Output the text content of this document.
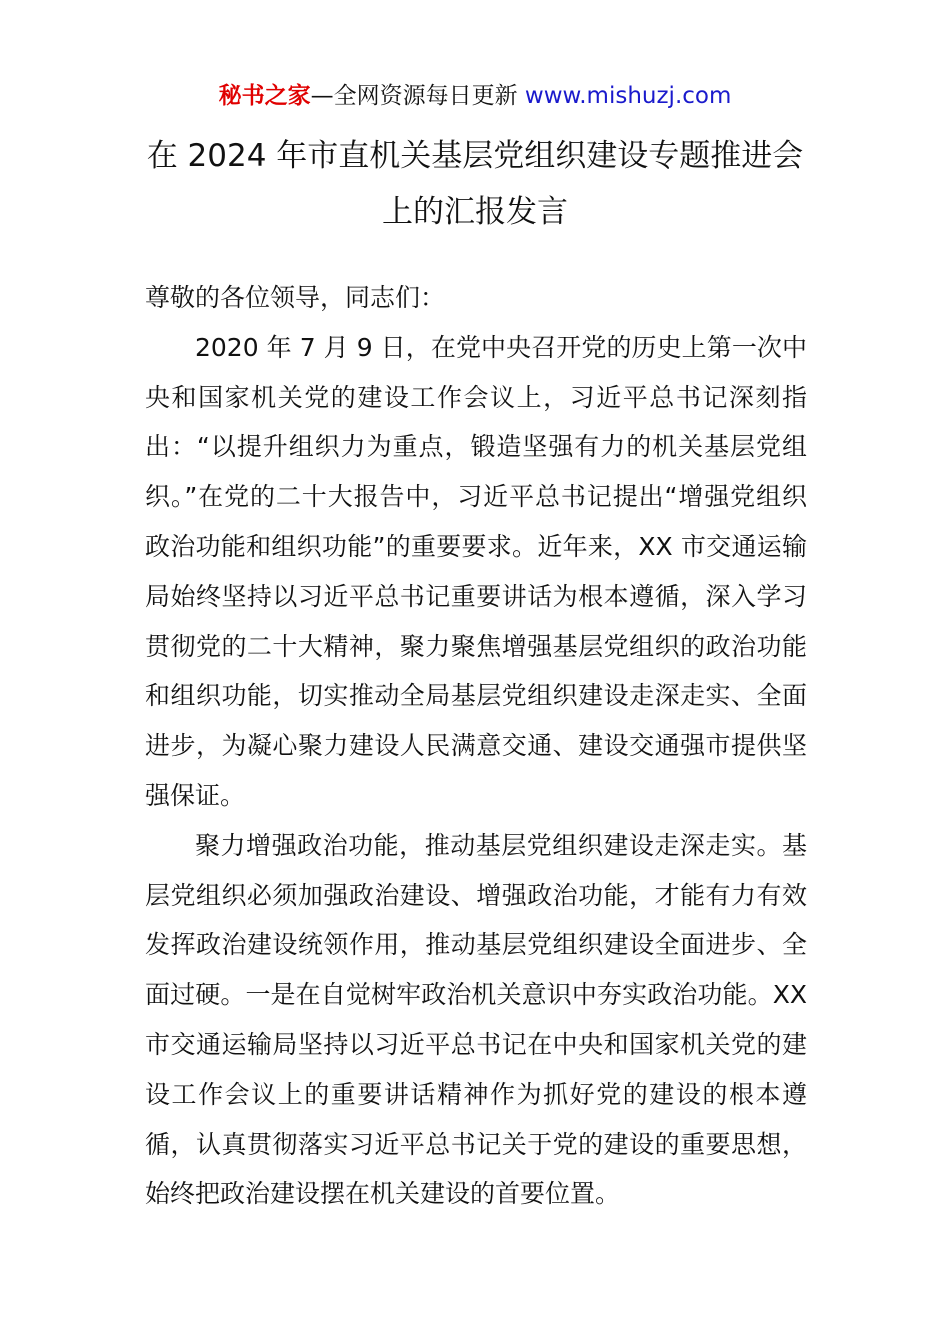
秘书之家—全网资源每日更新 www.mishuzj.com
在 2024 年市直机关基层党组织建设专题推进会
上的汇报发言

尊敬的各位领导，同志们：

2020 年 7 月 9 日，在党中央召开党的历史上第一次中央和国家机关党的建设工作会议上，习近平总书记深刻指出：“以提升组织力为重点，锻造坚强有力的机关基层党组织。”在党的二十大报告中，习近平总书记提出“增强党组织政治功能和组织功能”的重要要求。近年来，XX 市交通运输局始终坚持以习近平总书记重要讲话为根本遵循，深入学习贯彻党的二十大精神，聚力聚焦增强基层党组织的政治功能和组织功能，切实推动全局基层党组织建设走深走实、全面进步，为凝心聚力建设人民满意交通、建设交通强市提供坚强保证。

聚力增强政治功能，推动基层党组织建设走深走实。基层党组织必须加强政治建设、增强政治功能，才能有力有效发挥政治建设统领作用，推动基层党组织建设全面进步、全面过硬。一是在自觉树牢政治机关意识中夯实政治功能。XX 市交通运输局坚持以习近平总书记在中央和国家机关党的建设工作会议上的重要讲话精神作为抓好党的建设的根本遵循，认真贯彻落实习近平总书记关于党的建设的重要思想，始终把政治建设摆在机关建设的首要位置。
